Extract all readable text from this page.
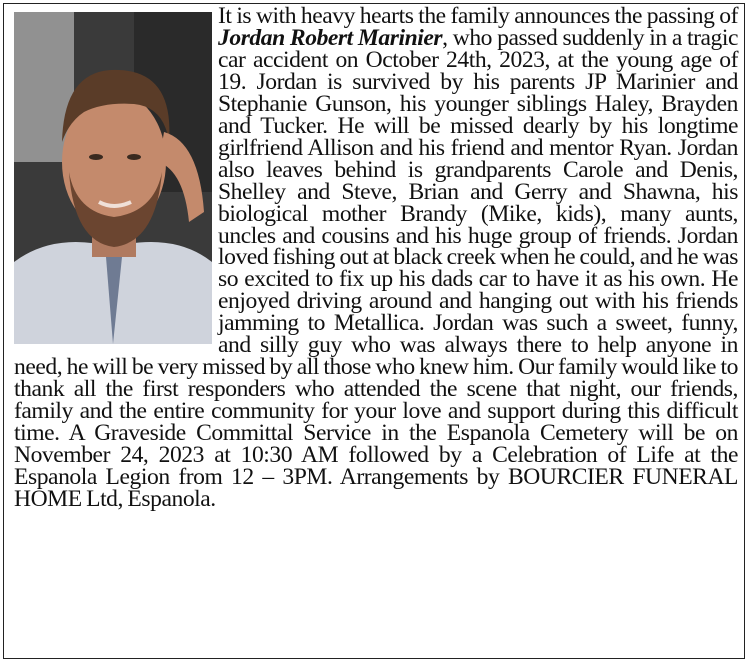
It is with heavy hearts the family announces the passing of Jordan Robert Marinier, who passed suddenly in a tragic car accident on October 24th, 2023, at the young age of 19. Jordan is survived by his parents JP Marinier and Stephanie Gunson, his younger siblings Haley, Brayden and Tucker. He will be missed dearly by his longtime girlfriend Allison and his friend and mentor Ryan. Jordan also leaves behind is grandparents Carole and Denis, Shelley and Steve, Brian and Gerry and Shawna, his biological mother Brandy (Mike, kids), many aunts, uncles and cousins and his huge group of friends. Jordan loved fishing out at black creek when he could, and he was so excited to fix up his dads car to have it as his own. He enjoyed driving around and hanging out with his friends jamming to Metallica. Jordan was such a sweet, funny, and silly guy who was always there to help anyone in need, he will be very missed by all those who knew him. Our family would like to thank all the first responders who attended the scene that night, our friends, family and the entire community for your love and support during this difficult time. A Graveside Committal Service in the Espanola Cemetery will be on November 24, 2023 at 10:30 AM followed by a Celebration of Life at the Espanola Legion from 12 – 3PM. Arrangements by BOURCIER FUNERAL HOME Ltd, Espanola.
